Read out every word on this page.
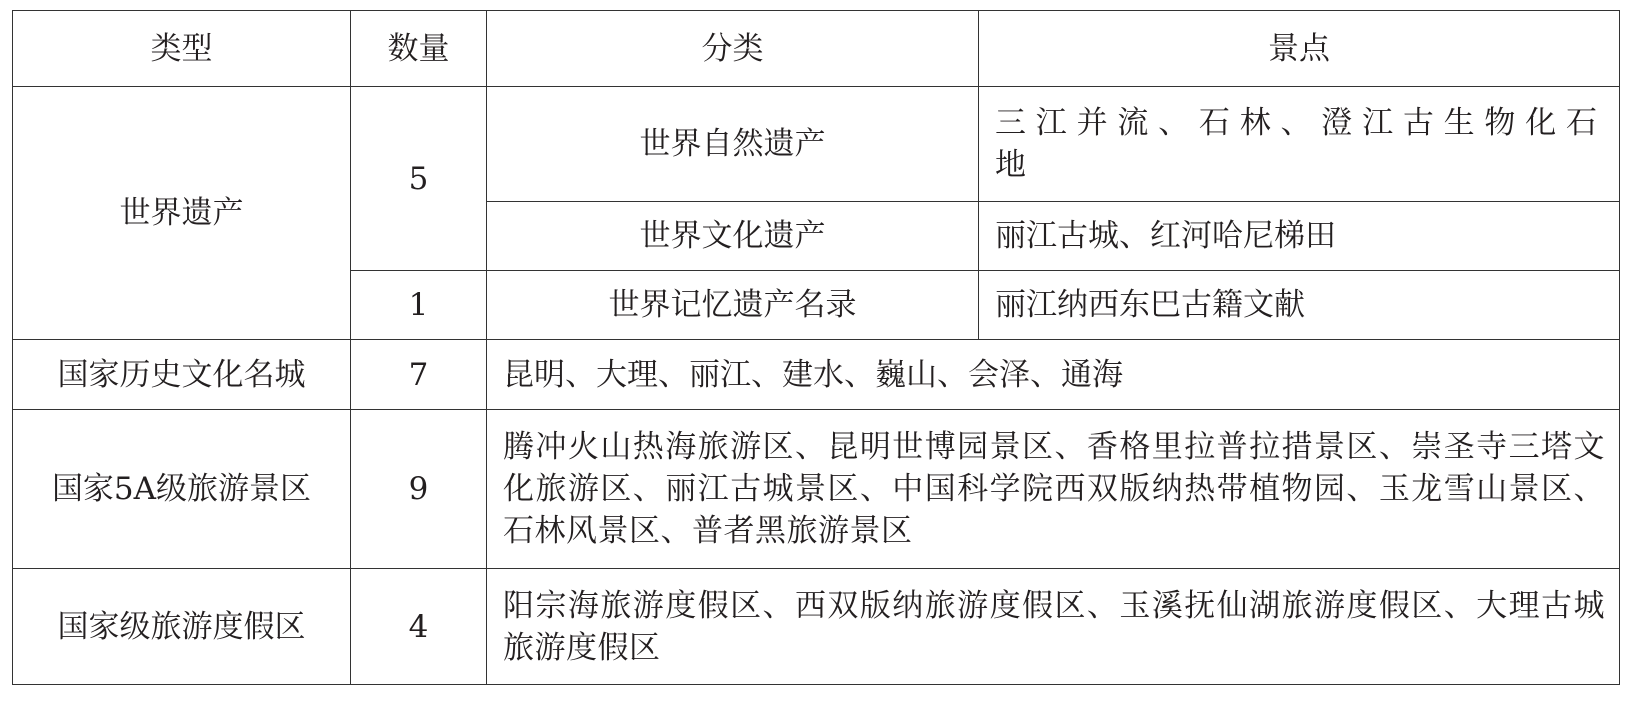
类型	数量	分类	景点
世界遗产	5	世界自然遗产	三江并流、石林、澄江古生物化石地
		世界文化遗产	丽江古城、红河哈尼梯田
	1	世界记忆遗产名录	丽江纳西东巴古籍文献
国家历史文化名城	7	昆明、大理、丽江、建水、巍山、会泽、通海	
国家5A级旅游景区	9	腾冲火山热海旅游区、昆明世博园景区、香格里拉普拉措景区、崇圣寺三塔文化旅游区、丽江古城景区、中国科学院西双版纳热带植物园、玉龙雪山景区、石林风景区、普者黑旅游景区	
国家级旅游度假区	4	阳宗海旅游度假区、西双版纳旅游度假区、玉溪抚仙湖旅游度假区、大理古城旅游度假区	
